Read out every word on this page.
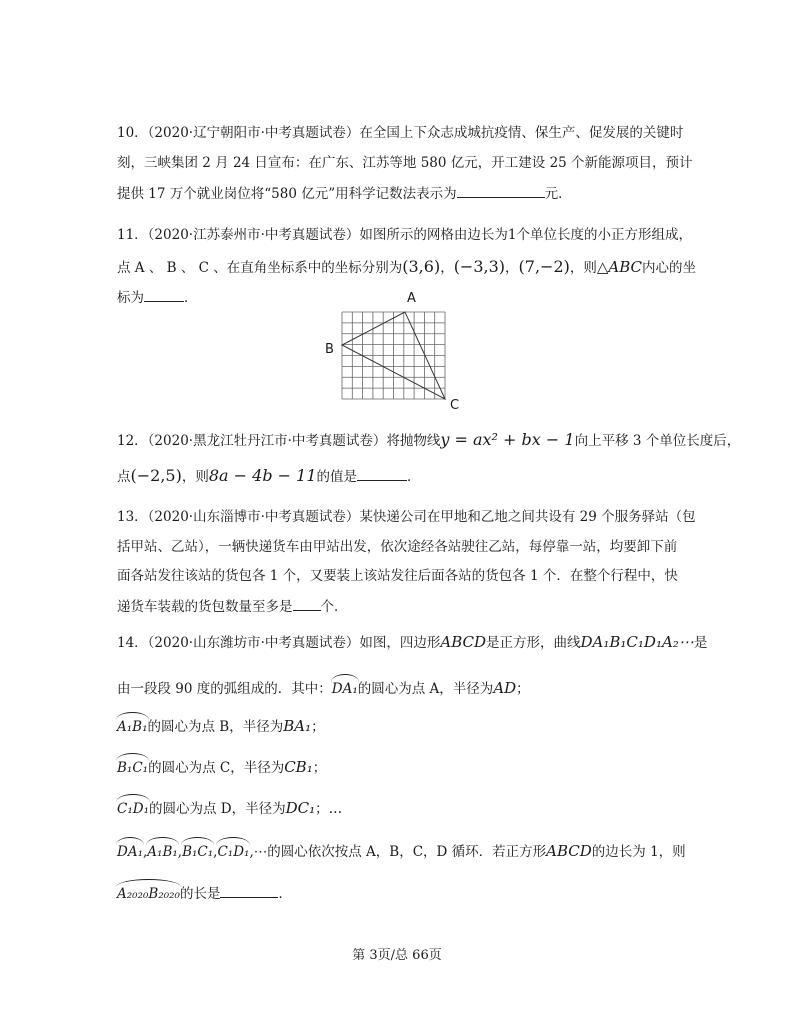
10．（2020·辽宁朝阳市·中考真题试卷）在全国上下众志成城抗疫情、保生产、促发展的关键时
刻，三峡集团 2 月 24 日宣布：在广东、江苏等地 580 亿元，开工建设 25 个新能源项目，预计
提供 17 万个就业岗位将“580 亿元”用科学记数法表示为	元．
11．（2020·江苏泰州市·中考真题试卷）如图所示的网格由边长为1个单位长度的小正方形组成，
点 A 、 B 、 C 、在直角坐标系中的坐标分别为(3,6)，(−3,3)，(7,−2)，则△ABC内心的坐
标为	．	A
B
C
12．（2020·黑龙江牡丹江市·中考真题试卷）将抛物线y = ax² + bx − 1向上平移 3 个单位长度后，
点(−2,5)，则8a − 4b − 11的值是	．
13．（2020·山东淄博市·中考真题试卷）某快递公司在甲地和乙地之间共设有 29 个服务驿站（包
括甲站、乙站），一辆快递货车由甲站出发，依次途经各站驶往乙站，每停靠一站，均要卸下前
面各站发往该站的货包各 1 个，又要装上该站发往后面各站的货包各 1 个．在整个行程中，快
递货车装载的货包数量至多是 个．
14．（2020·山东潍坊市·中考真题试卷）如图，四边形ABCD是正方形，曲线DA₁B₁C₁D₁A₂⋯是
由一段段 90 度的弧组成的．其中：DA₁的圆心为点 A，半径为AD；
A₁B₁的圆心为点 B，半径为BA₁；
B₁C₁的圆心为点 C，半径为CB₁；
C₁D₁的圆心为点 D，半径为DC₁；…
DA₁,A₁B₁,B₁C₁,C₁D₁,⋯的圆心依次按点 A，B，C，D 循环．若正方形ABCD的边长为 1，则
A₂₀₂₀B₂₀₂₀的长是	．
第 3页/总 66页
